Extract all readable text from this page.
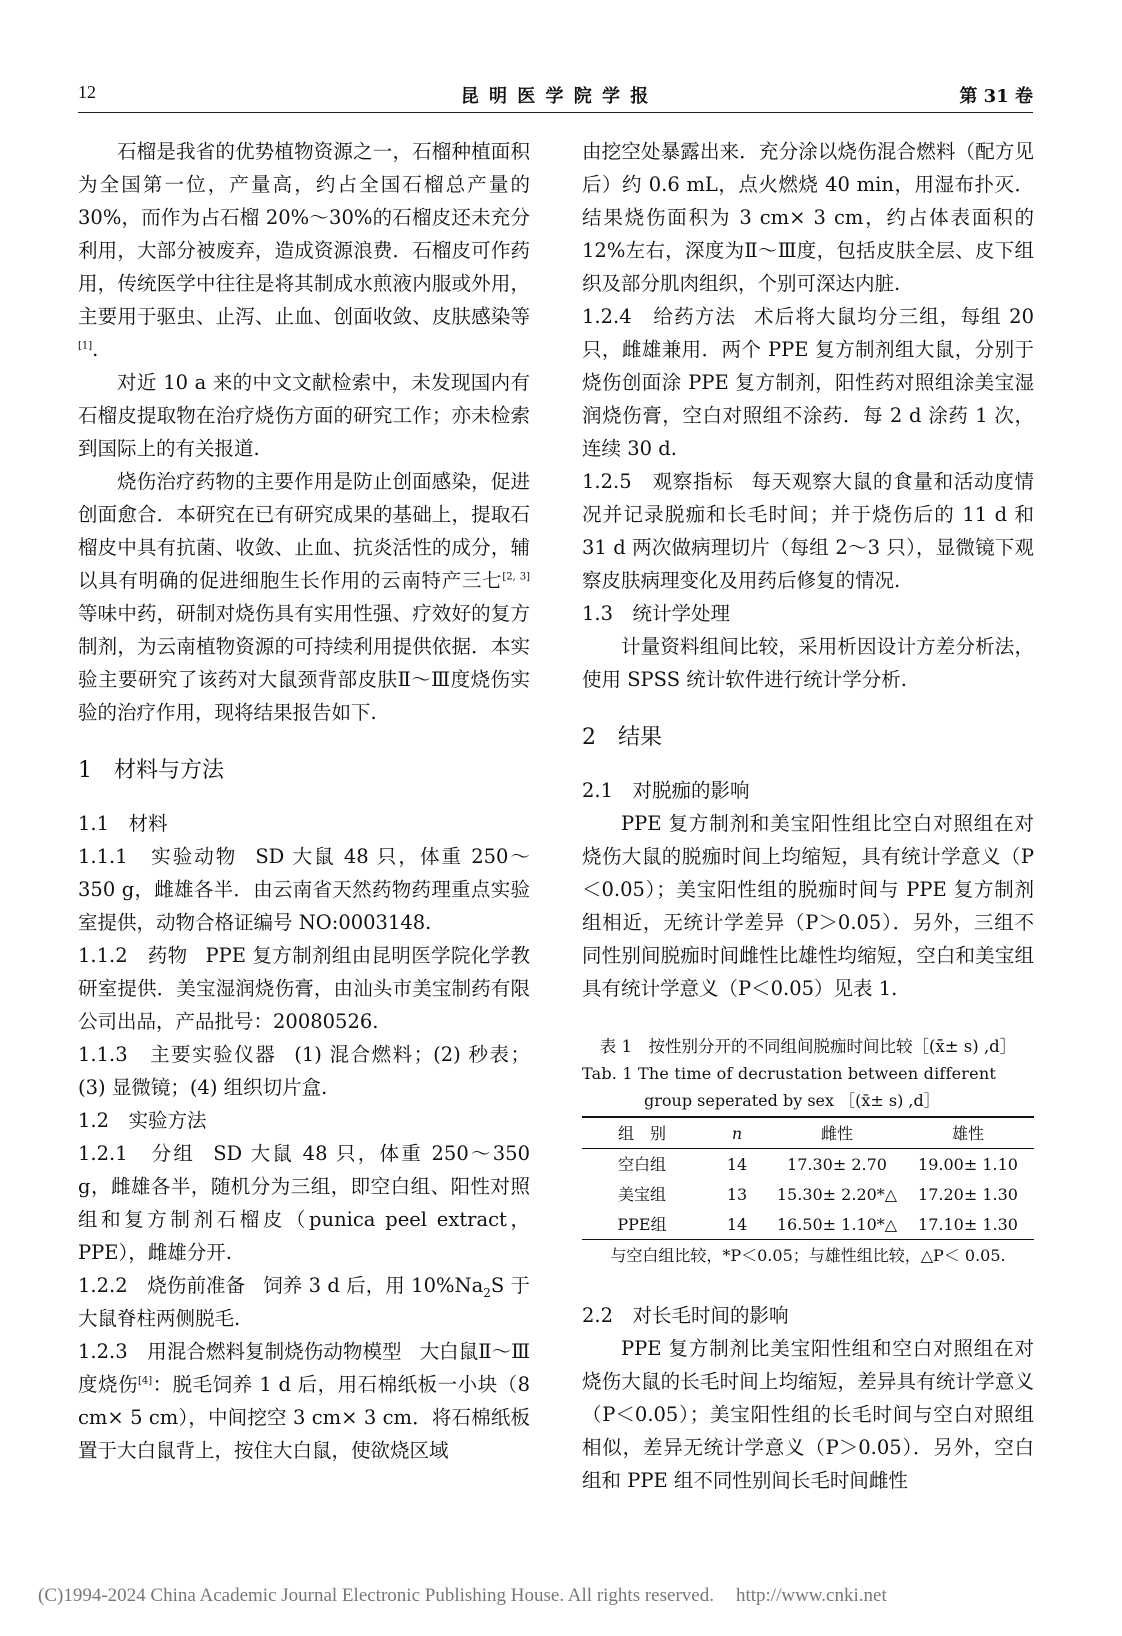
昆 明 医 学 院 学 报
12	第 31 卷

石榴是我省的优势植物资源之一，石榴种植面积为全国第一位，产量高，约占全国石榴总产量的 30%，而作为占石榴 20%～30%的石榴皮还未充分利用，大部分被废弃，造成资源浪费．石榴皮可作药用，传统医学中往往是将其制成水煎液内服或外用，主要用于驱虫、止泻、止血、创面收敛、皮肤感染等[1].

对近 10 a 来的中文文献检索中，未发现国内有石榴皮提取物在治疗烧伤方面的研究工作；亦未检索到国际上的有关报道.

烧伤治疗药物的主要作用是防止创面感染，促进创面愈合．本研究在已有研究成果的基础上，提取石榴皮中具有抗菌、收敛、止血、抗炎活性的成分，辅以具有明确的促进细胞生长作用的云南特产三七[2, 3]等味中药，研制对烧伤具有实用性强、疗效好的复方制剂，为云南植物资源的可持续利用提供依据．本实验主要研究了该药对大鼠颈背部皮肤Ⅱ～Ⅲ度烧伤实验的治疗作用，现将结果报告如下.

1　材料与方法

1.1　材料

1.1.1　实验动物 SD 大鼠 48 只，体重 250～350 g，雌雄各半．由云南省天然药物药理重点实验室提供，动物合格证编号 NO:0003148.

1.1.2　药物 PPE 复方制剂组由昆明医学院化学教研室提供．美宝湿润烧伤膏，由汕头市美宝制药有限公司出品，产品批号：20080526.

1.1.3　主要实验仪器 (1) 混合燃料；(2) 秒表；(3) 显微镜；(4) 组织切片盒.

1.2　实验方法

1.2.1　分组 SD 大鼠 48 只，体重 250～350 g，雌雄各半，随机分为三组，即空白组、阳性对照组和复方制剂石榴皮（punica peel extract，PPE），雌雄分开.

1.2.2　烧伤前准备 饲养 3 d 后，用 $10\%Na_2S$ 于大鼠脊柱两侧脱毛.

1.2.3　用混合燃料复制烧伤动物模型 大白鼠Ⅱ～Ⅲ度烧伤[4]：脱毛饲养 1 d 后，用石棉纸板一小块（8 cm× 5 cm），中间挖空 3 cm× 3 cm．将石棉纸板置于大白鼠背上，按住大白鼠，使欲烧区域

由挖空处暴露出来．充分涂以烧伤混合燃料（配方见后）约 0.6 mL，点火燃烧 40 min，用湿布扑灭．结果烧伤面积为 3 cm× 3 cm，约占体表面积的 12%左右，深度为Ⅱ～Ⅲ度，包括皮肤全层、皮下组织及部分肌肉组织，个别可深达内脏.

1.2.4　给药方法 术后将大鼠均分三组，每组 20 只，雌雄兼用．两个 PPE 复方制剂组大鼠，分别于烧伤创面涂 PPE 复方制剂，阳性药对照组涂美宝湿润烧伤膏，空白对照组不涂药．每 2 d 涂药 1 次，连续 30 d.

1.2.5　观察指标 每天观察大鼠的食量和活动度情况并记录脱痂和长毛时间；并于烧伤后的 11 d 和 31 d 两次做病理切片（每组 2～3 只），显微镜下观察皮肤病理变化及用药后修复的情况.

1.3　统计学处理

计量资料组间比较，采用析因设计方差分析法，使用 SPSS 统计软件进行统计学分析.

2　结果

2.1　对脱痂的影响

PPE 复方制剂和美宝阳性组比空白对照组在对烧伤大鼠的脱痂时间上均缩短，具有统计学意义（P＜0.05）；美宝阳性组的脱痂时间与 PPE 复方制剂组相近，无统计学差异（P＞0.05）．另外，三组不同性别间脱痂时间雌性比雄性均缩短，空白和美宝组具有统计学意义（P＜0.05）见表 1.

表 1　按性别分开的不同组间脱痂时间比较［(x̄± s) ,d］
Tab. 1 The time of decrustation between different
group seperated by sex ［(x̄± s) ,d］
组　别	n	雌性	雄性
空白组	14	17.30± 2.70	19.00± 1.10
美宝组	13	15.30± 2.20*△	17.20± 1.30
PPE组	14	16.50± 1.10*△	17.10± 1.30
与空白组比较，*P＜0.05；与雄性组比较，△P＜ 0.05.

2.2　对长毛时间的影响

PPE 复方制剂比美宝阳性组和空白对照组在对烧伤大鼠的长毛时间上均缩短，差异具有统计学意义（P＜0.05）；美宝阳性组的长毛时间与空白对照组相似，差异无统计学意义（P＞0.05）．另外，空白组和 PPE 组不同性别间长毛时间雌性

(C)1994-2024 China Academic Journal Electronic Publishing House. All rights reserved. http://www.cnki.net
